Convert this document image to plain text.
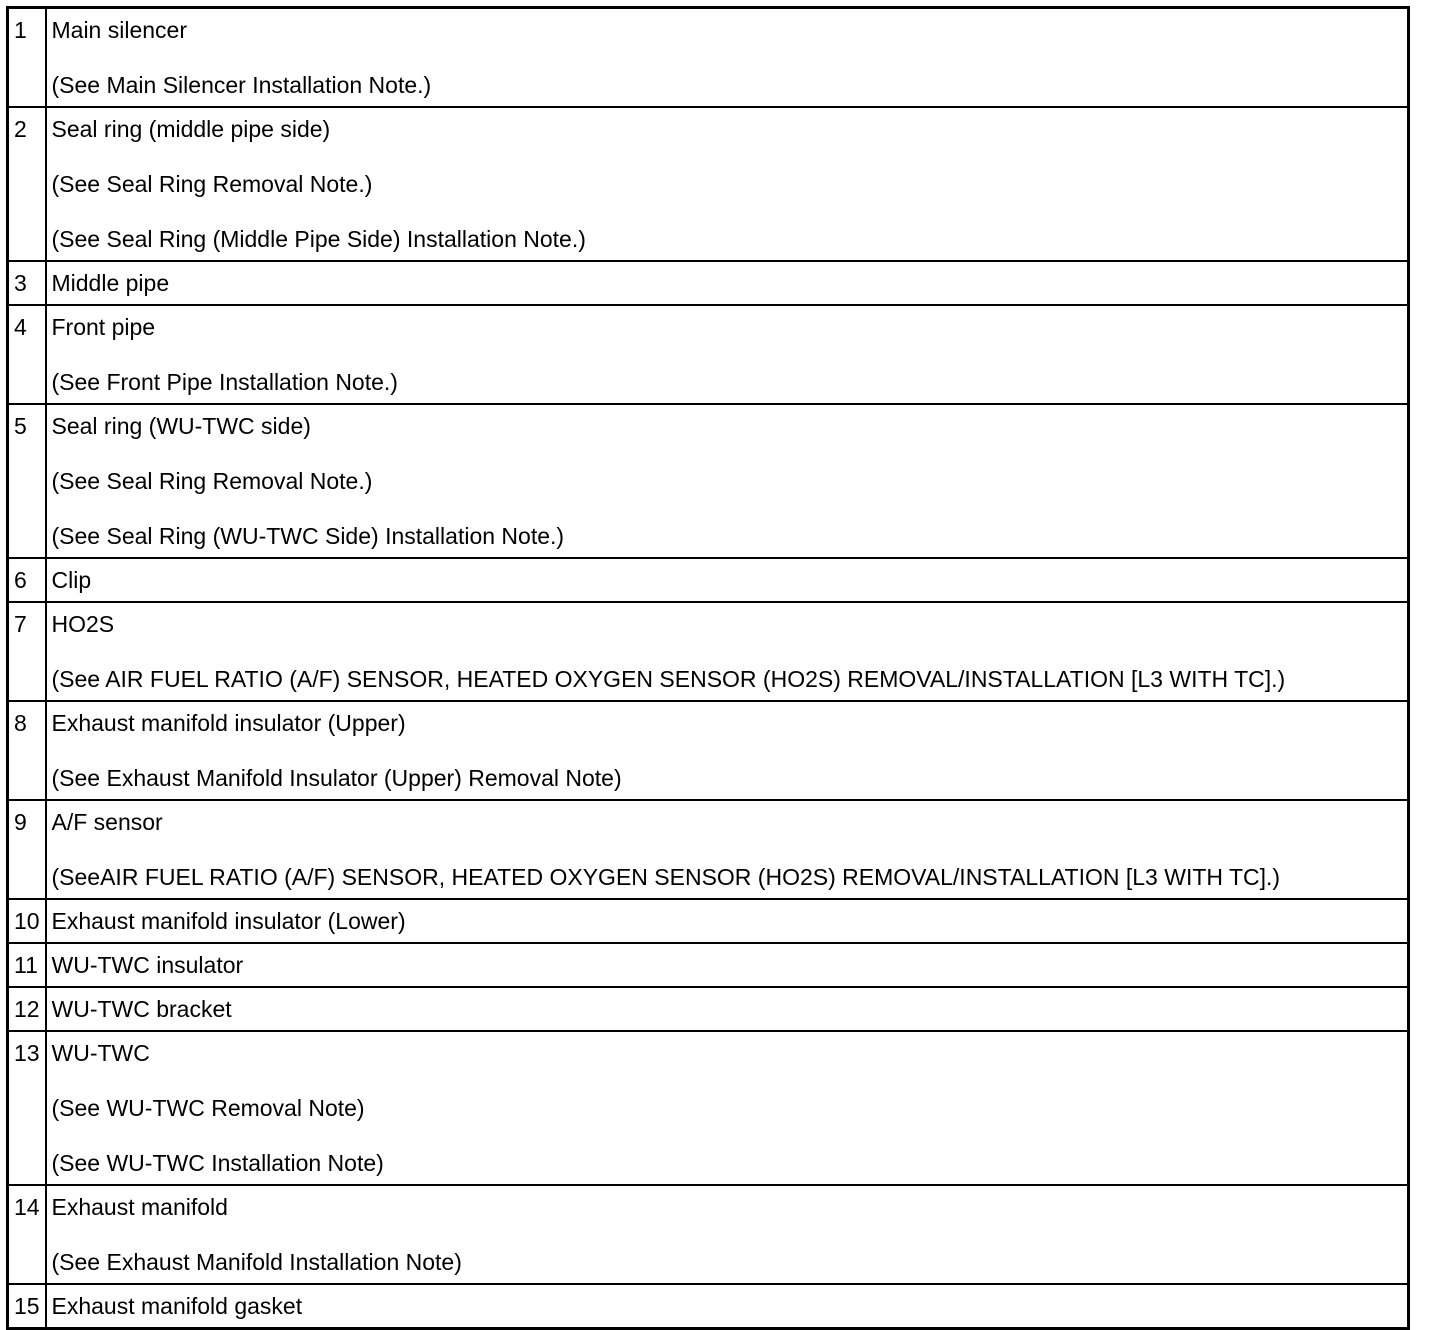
1	Main silencer
(See Main Silencer Installation Note.)

2	Seal ring (middle pipe side)
(See Seal Ring Removal Note.)
(See Seal Ring (Middle Pipe Side) Installation Note.)

3	Middle pipe

4	Front pipe
(See Front Pipe Installation Note.)

5	Seal ring (WU-TWC side)
(See Seal Ring Removal Note.)
(See Seal Ring (WU-TWC Side) Installation Note.)

6	Clip

7	HO2S
(See AIR FUEL RATIO (A/F) SENSOR, HEATED OXYGEN SENSOR (HO2S) REMOVAL/INSTALLATION [L3 WITH TC].)

8	Exhaust manifold insulator (Upper)
(See Exhaust Manifold Insulator (Upper) Removal Note)

9	A/F sensor
(SeeAIR FUEL RATIO (A/F) SENSOR, HEATED OXYGEN SENSOR (HO2S) REMOVAL/INSTALLATION [L3 WITH TC].)

10	Exhaust manifold insulator (Lower)

11	WU-TWC insulator

12	WU-TWC bracket

13	WU-TWC
(See WU-TWC Removal Note)
(See WU-TWC Installation Note)

14	Exhaust manifold
(See Exhaust Manifold Installation Note)

15	Exhaust manifold gasket
